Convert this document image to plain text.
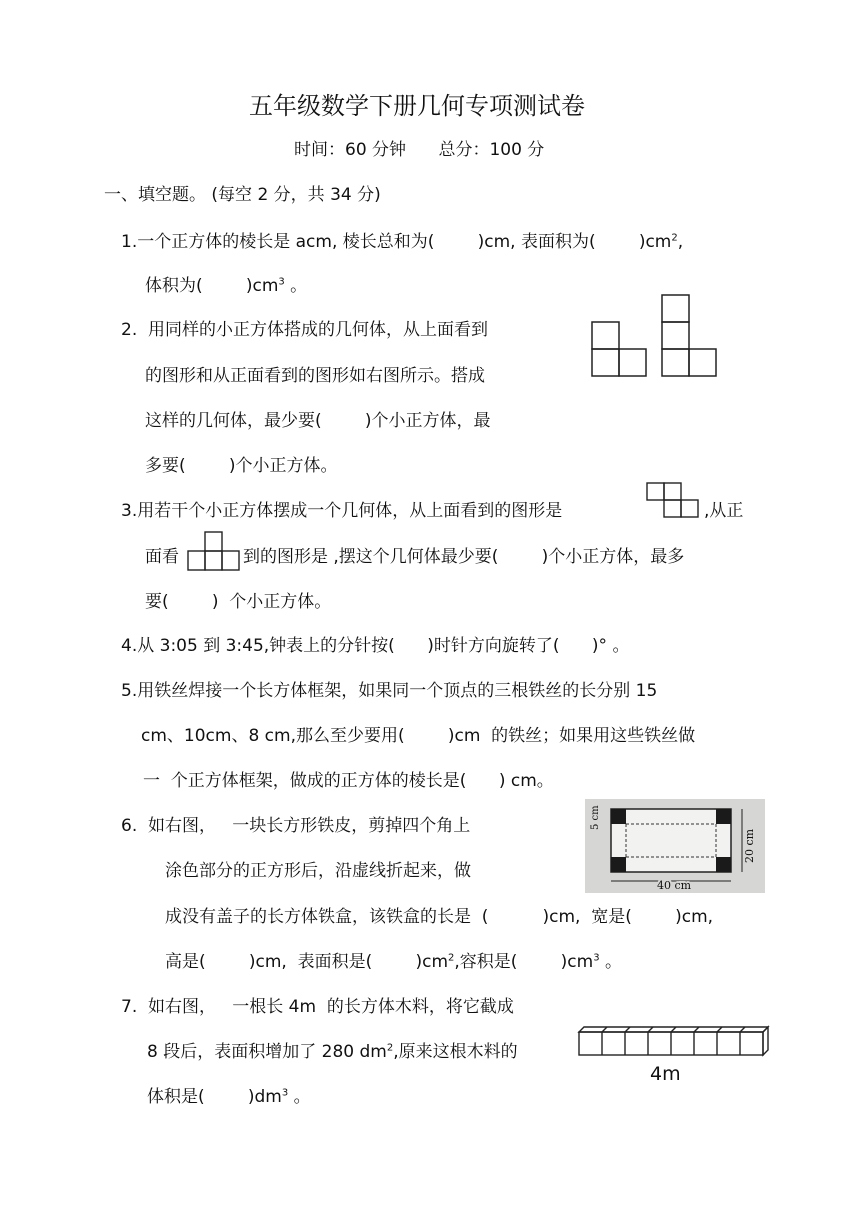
五年级数学下册几何专项测试卷
时间：60 分钟      总分：100 分
一、填空题。 (每空 2 分，共 34 分)
1.一个正方体的棱长是 acm, 棱长总和为(        )cm, 表面积为(        )$cm^2$,
体积为(        )$cm^3$ 。
2.  用同样的小正方体搭成的几何体，从上面看到
的图形和从正面看到的图形如右图所示。搭成
这样的几何体，最少要(        )个小正方体，最
多要(        )个小正方体。
3.用若干个小正方体摆成一个几何体，从上面看到的图形是	,从正
面看	到的图形是 ,摆这个几何体最少要(        )个小正方体，最多
要(        )  个小正方体。
4.从 3:05 到 3:45,钟表上的分针按(      )时针方向旋转了(      )° 。
5.用铁丝焊接一个长方体框架，如果同一个顶点的三根铁丝的长分别 15
cm、10cm、8 cm,那么至少要用(        )cm  的铁丝；如果用这些铁丝做
一  个正方体框架，做成的正方体的棱长是(      ) cm。
6.  如右图，   一块长方形铁皮，剪掉四个角上
涂色部分的正方形后，沿虚线折起来，做
成没有盖子的长方体铁盒，该铁盒的长是  (          )cm,  宽是(        )cm,
高是(        )cm,  表面积是(        )$cm^2$,容积是(        )$cm^3$ 。
5 cm
20 cm
40 cm
7.  如右图，   一根长 4m  的长方体木料，将它截成
8 段后，表面积增加了 280 $dm^2$,原来这根木料的
体积是(        )$dm^3$ 。
4m
